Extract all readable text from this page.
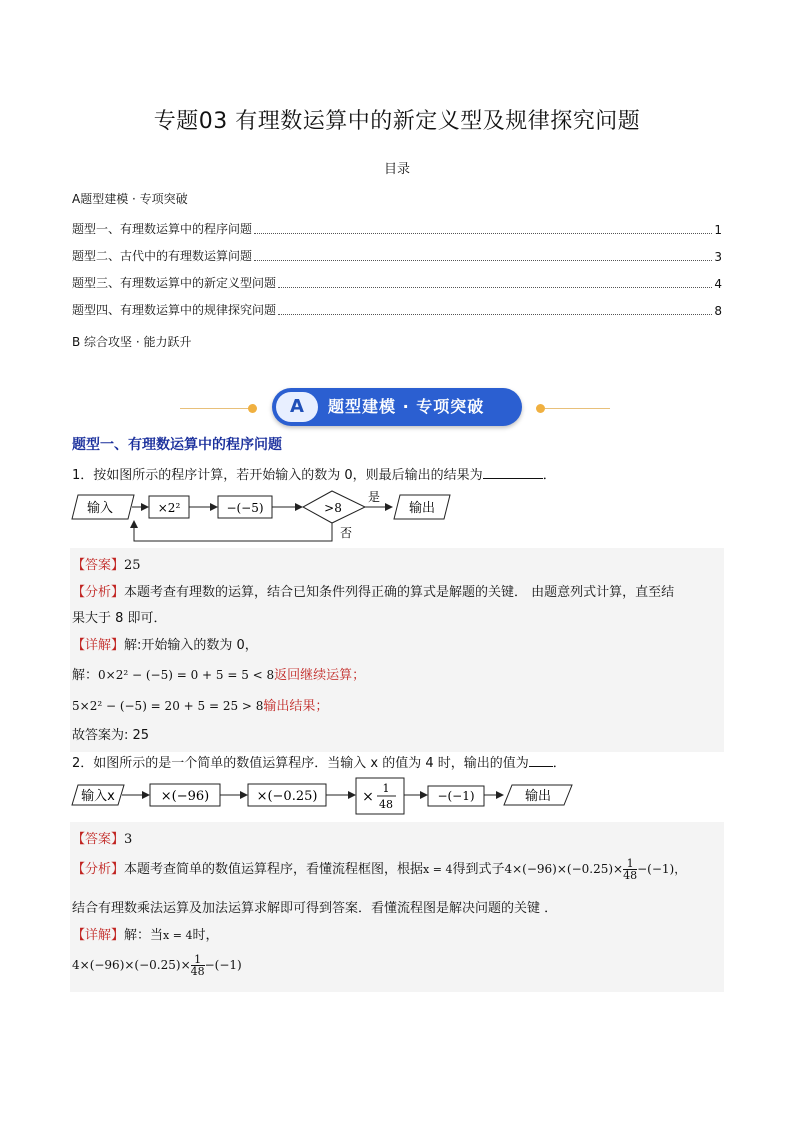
专题03 有理数运算中的新定义型及规律探究问题
目录
A题型建模 · 专项突破
题型一、有理数运算中的程序问题	1
题型二、古代中的有理数运算问题	3
题型三、有理数运算中的新定义型问题	4
题型四、有理数运算中的规律探究问题	8
B 综合攻坚 · 能力跃升
A	题型建模 · 专项突破
题型一、有理数运算中的程序问题
1．按如图所示的程序计算，若开始输入的数为 0，则最后输出的结果为	．
输入	×2²	−(−5)	>8
是
输出
否
【答案】25
【分析】本题考查有理数的运算，结合已知条件列得正确的算式是解题的关键． 由题意列式计算，直至结
果大于 8 即可．
【详解】解:开始输入的数为 0，
解：0×2² − (−5) = 0 + 5 = 5 < 8返回继续运算；
5×2² − (−5) = 20 + 5 = 25 > 8输出结果；
故答案为: 25
2．如图所示的是一个简单的数值运算程序．当输入 x 的值为 4 时，输出的值为 ．
输入x	×(−96)	×(−0.25)	×
1
48
−(−1)	输出
【答案】3
【分析】本题考查简单的数值运算程序，看懂流程框图，根据x = 4得到式子$4\times(-96)\times(-0.25)\times \frac{1}{48} -(-1)$，
结合有理数乘法运算及加法运算求解即可得到答案．看懂流程图是解决问题的关键 ．
【详解】解：当x = 4时，
$4\times(-96)\times(-0.25)\times \frac{1}{48} -(-1)$
